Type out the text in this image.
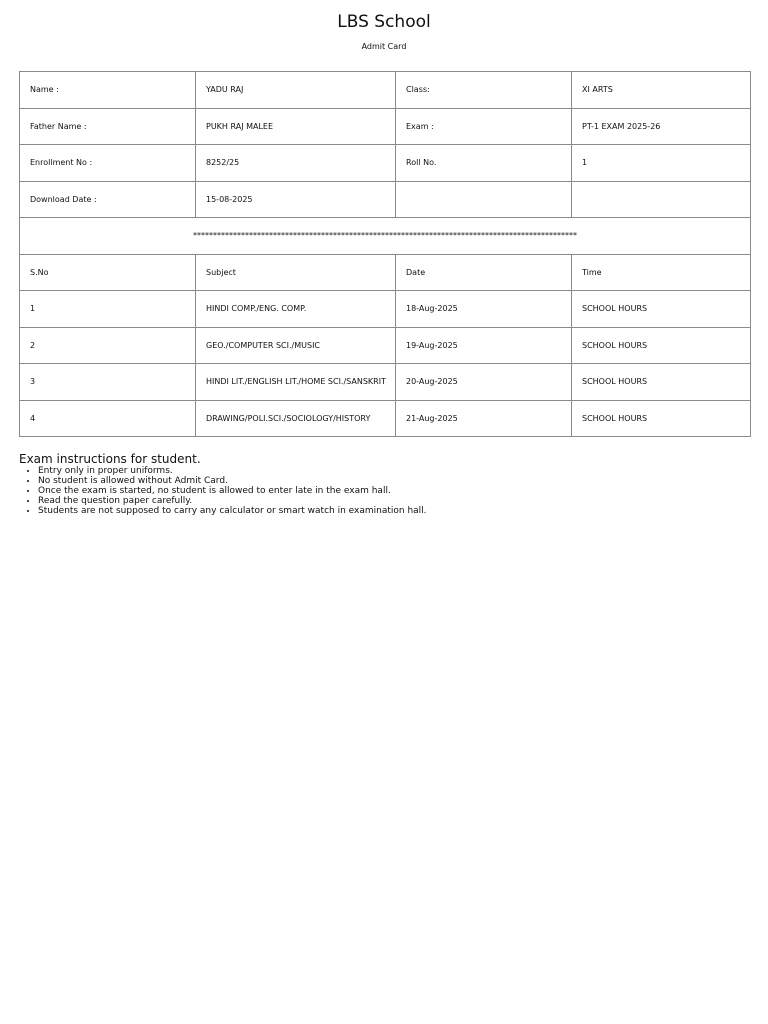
LBS School
Admit Card
Name :	YADU RAJ	Class:	XI ARTS
Father Name :	PUKH RAJ MALEE	Exam :	PT-1 EXAM 2025-26
Enrollment No :	8252/25	Roll No.	1
Download Date :	15-08-2025		
************************************************************************************************			
S.No	Subject	Date	Time
1	HINDI COMP./ENG. COMP.	18-Aug-2025	SCHOOL HOURS
2	GEO./COMPUTER SCI./MUSIC	19-Aug-2025	SCHOOL HOURS
3	HINDI LIT./ENGLISH LIT./HOME SCI./SANSKRIT	20-Aug-2025	SCHOOL HOURS
4	DRAWING/POLI.SCI./SOCIOLOGY/HISTORY	21-Aug-2025	SCHOOL HOURS
Exam instructions for student.
• Entry only in proper uniforms.
• No student is allowed without Admit Card.
• Once the exam is started, no student is allowed to enter late in the exam hall.
• Read the question paper carefully.
• Students are not supposed to carry any calculator or smart watch in examination hall.
